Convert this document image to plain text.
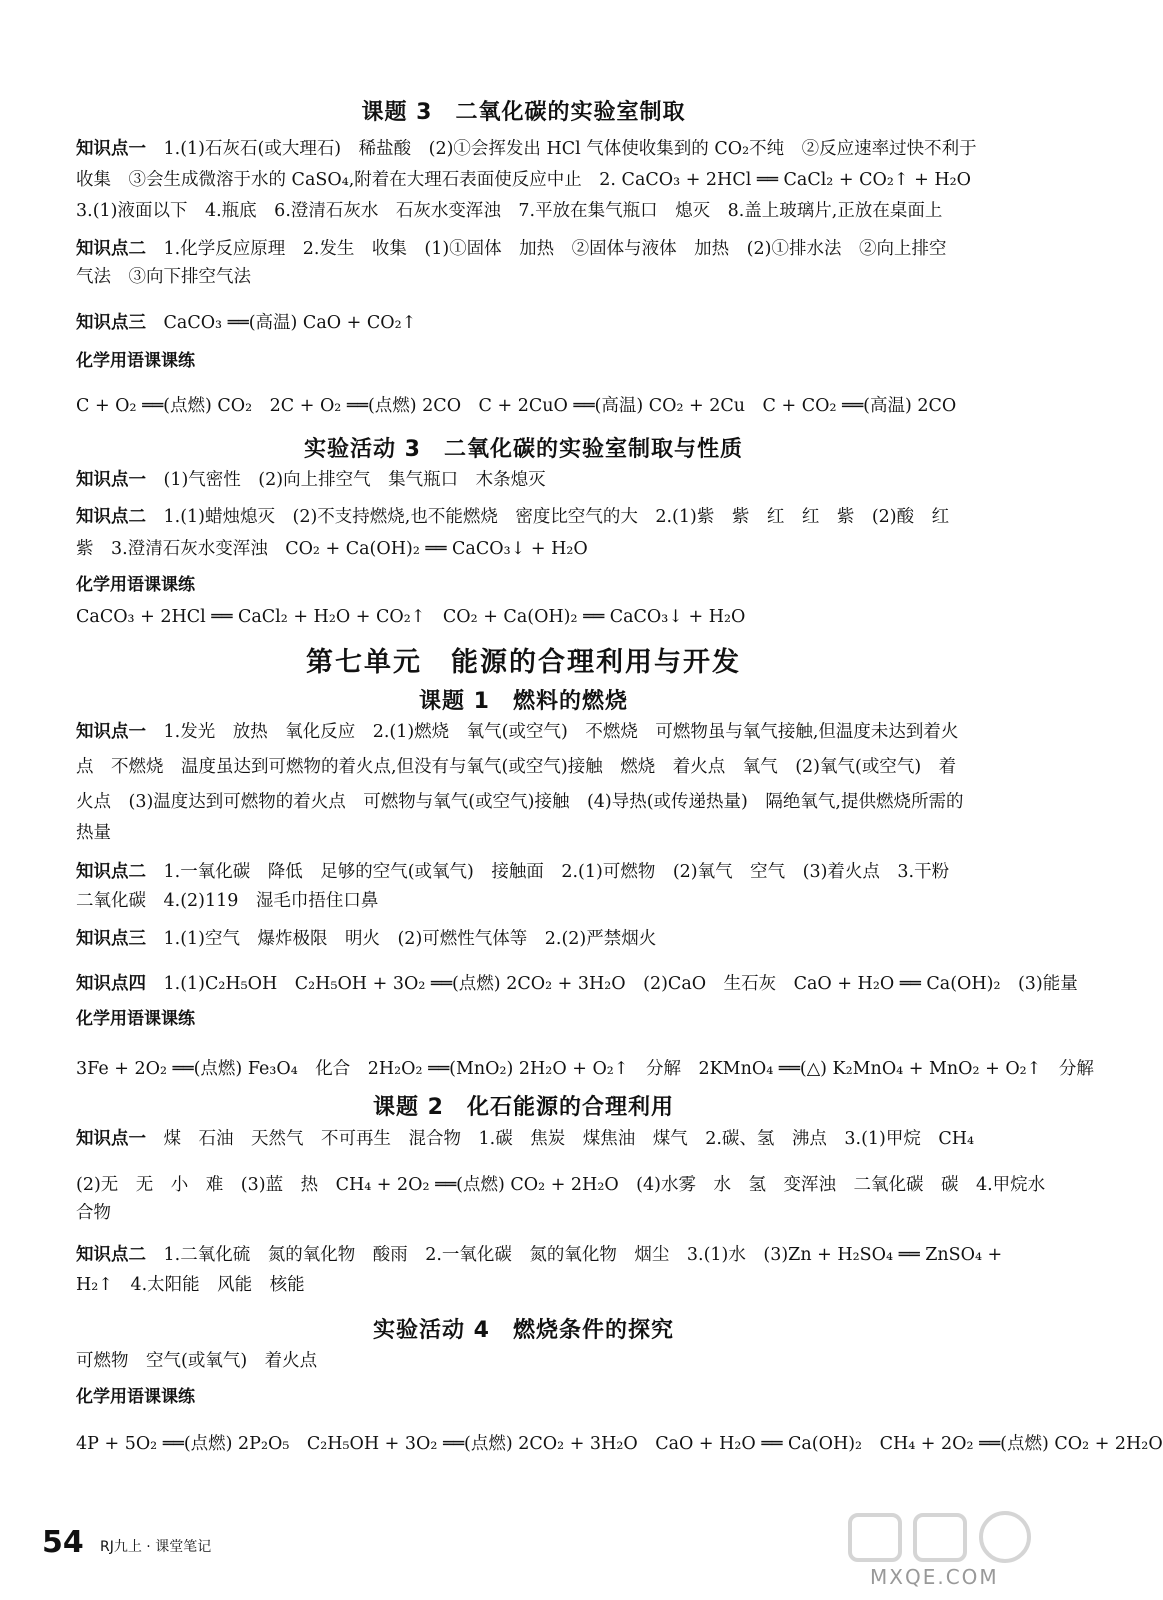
课题 3　二氧化碳的实验室制取
知识点一　 1.(1)石灰石(或大理石)　稀盐酸　(2)①会挥发出 HCl 气体使收集到的 CO₂不纯　②反应速率过快不利于
收集　③会生成微溶于水的 CaSO₄,附着在大理石表面使反应中止　2. CaCO₃ + 2HCl ══ CaCl₂ + CO₂↑ + H₂O
3.(1)液面以下　4.瓶底　6.澄清石灰水　石灰水变浑浊　7.平放在集气瓶口　熄灭　8.盖上玻璃片,正放在桌面上
知识点二　 1.化学反应原理　2.发生　收集　(1)①固体　加热　②固体与液体　加热　(2)①排水法　②向上排空
气法　③向下排空气法
知识点三　 CaCO₃ ══(高温) CaO + CO₂↑
化学用语课课练
C + O₂ ══(点燃) CO₂　2C + O₂ ══(点燃) 2CO　C + 2CuO ══(高温) CO₂ + 2Cu　C + CO₂ ══(高温) 2CO
实验活动 3　二氧化碳的实验室制取与性质
知识点一　 (1)气密性　(2)向上排空气　集气瓶口　木条熄灭
知识点二　 1.(1)蜡烛熄灭　(2)不支持燃烧,也不能燃烧　密度比空气的大　2.(1)紫　紫　红　红　紫　(2)酸　红
紫　3.澄清石灰水变浑浊　CO₂ + Ca(OH)₂ ══ CaCO₃↓ + H₂O
化学用语课课练
CaCO₃ + 2HCl ══ CaCl₂ + H₂O + CO₂↑　CO₂ + Ca(OH)₂ ══ CaCO₃↓ + H₂O
第七单元　能源的合理利用与开发
课题 1　燃料的燃烧
知识点一　 1.发光　放热　氧化反应　2.(1)燃烧　氧气(或空气)　不燃烧　可燃物虽与氧气接触,但温度未达到着火
点　不燃烧　温度虽达到可燃物的着火点,但没有与氧气(或空气)接触　燃烧　着火点　氧气　(2)氧气(或空气)　着
火点　(3)温度达到可燃物的着火点　可燃物与氧气(或空气)接触　(4)导热(或传递热量)　隔绝氧气,提供燃烧所需的
热量
知识点二　 1.一氧化碳　降低　足够的空气(或氧气)　接触面　2.(1)可燃物　(2)氧气　空气　(3)着火点　3.干粉
二氧化碳　4.(2)119　湿毛巾捂住口鼻
知识点三　 1.(1)空气　爆炸极限　明火　(2)可燃性气体等　2.(2)严禁烟火
知识点四　 1.(1)C₂H₅OH　C₂H₅OH + 3O₂ ══(点燃) 2CO₂ + 3H₂O　(2)CaO　生石灰　CaO + H₂O ══ Ca(OH)₂　(3)能量
化学用语课课练
3Fe + 2O₂ ══(点燃) Fe₃O₄　化合　2H₂O₂ ══(MnO₂) 2H₂O + O₂↑　分解　2KMnO₄ ══(△) K₂MnO₄ + MnO₂ + O₂↑　分解
课题 2　化石能源的合理利用
知识点一　 煤　石油　天然气　不可再生　混合物　1.碳　焦炭　煤焦油　煤气　2.碳、氢　沸点　3.(1)甲烷　CH₄
(2)无　无　小　难　(3)蓝　热　CH₄ + 2O₂ ══(点燃) CO₂ + 2H₂O　(4)水雾　水　氢　变浑浊　二氧化碳　碳　4.甲烷水
合物
知识点二　 1.二氧化硫　氮的氧化物　酸雨　2.一氧化碳　氮的氧化物　烟尘　3.(1)水　(3)Zn + H₂SO₄ ══ ZnSO₄ +
H₂↑　4.太阳能　风能　核能
实验活动 4　燃烧条件的探究
可燃物　空气(或氧气)　着火点
化学用语课课练
4P + 5O₂ ══(点燃) 2P₂O₅　C₂H₅OH + 3O₂ ══(点燃) 2CO₂ + 3H₂O　CaO + H₂O ══ Ca(OH)₂　CH₄ + 2O₂ ══(点燃) CO₂ + 2H₂O
54 RJ九上 · 课堂笔记
MXQE.COM
